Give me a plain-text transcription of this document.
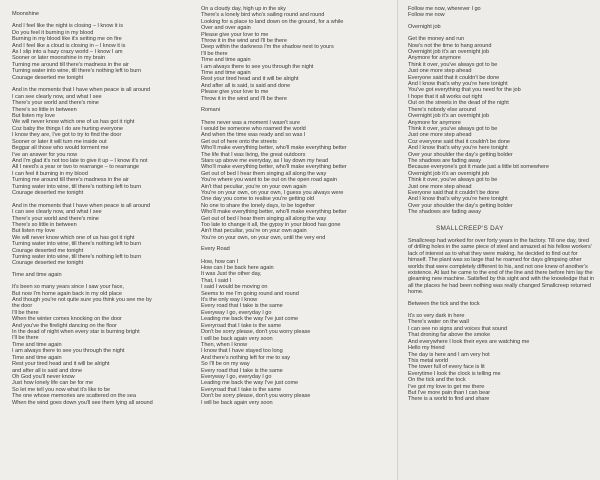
Moonshine
And I feel like the night is closing – I know it is
Do you feel it burning in my blood
Burning in my blood like it's setting me on fire
And I feel like a cloud is closing in – I know it is
As I slip into a hazy crazy world – I know I am
Sooner or later moonshine in my brain
Turning me around till there's madness in the air
Turning water into wine, till there's nothing left to burn
Courage deserted me tonight
And in the moments that I have when peace is all around
I can see clearly now, and what I see
There's your world and there's mine
There's so little in between
But listen my love
We will never know which one of us has got it right
Coz baby the things I do are hurting everyone
I know they are, I've got to try to find the door
Sooner or later it will turn me inside out
Beggar all those who would torment me
I've an answer for you now
And I'm glad it's not too late to give it up – I know it's not
All I need's a year or two to rearrange – to rearrange
I can feel it burning in my blood
Turning me around till there's madness in the air
Turning water into wine, till there's nothing left to burn
Courage deserted me tonight
And in the moments that I have when peace is all around
I can see clearly now, and what I see
There's your world and there's mine
There's so little in between
But listen my love
We will never know which one of us has got it right
Turning water into wine, till there's nothing left to burn
Courage deserted me tonight
Turning water into wine, till there's nothing left to burn
Courage deserted me tonight
Time and time again
It's been so many years since I saw your face,
But now I'm home again back in my old place
And though you're not quite sure you think you see me by
the door
I'll be there
When the winter comes knocking on the door
And you've the firelight dancing on the floor
In the dead of night when every star is burning bright
I'll be there
Time and time again
I am always there to see you through the night
Time and time again
Rest your tired head and it will be alright
and after all is said and done
Oh God you'll never know
Just how lonely life can be for me
So let me tell you now what it's like to be
The one whose memories are scattered on the sea
When the wind goes down you'll see them lying all around
On a cloudy day, high up in the sky
There's a lonely bird who's sailing round and round
Looking for a place to land down on the ground, for a while
Over and over again
Please give your love to me
Throw it in the wind and I'll be there
Deep within the darkness I'm the shadow next to yours
I'll be there
Time and time again
I am always there to see you through the night
Time and time again
Rest your tired head and it will be alright
And after all is said, is said and done
Please give your love to me
Throw it in the wind and I'll be there
Romani
There never was a moment I wasn't sure
I would be someone who roamed the world
And when the time was ready and so was I
Get out of here onto the streets
Who'll make everything better, who'll make everything better
The life that I was living, the great outdoors
Stars up above me everyday, as I lay down my head
Who'll make everything better, who'll make everything better
Get out of bed I hear them singing all along the way
You're where you want to be out on the open road again
Ain't that peculiar, you're on your own again
You're on your own, on your own, I guess you always were
One day you come to realise you're getting old
No one to share the lonely days, to be together
Who'll make everything better, who'll make everything better
Get out of bed I hear them singing all along the way
Too late to change it all, the gypsy in your blood has gone
Ain't that peculiar, you're on your own again
You're on your own, on your own, until the very end
Every Road
How, how can I
How can I be back here again
It was Just the other day,
That, I said I
I said I would be moving on
Seems to me I'm going round and round
It's the only way I know
Every road that I take is the same
Everyway I go, everyday I go
Leading me back the way I've just come
Everyroad that I take is the same
Don't be sorry please, don't you worry please
I will be back again very soon
Then, when I know
I know that I have stayed too long
And there's nothing left for me to say
So I'll be on my way
Every road that I take is the same
Everyway I go, everyday I go
Leading me back the way I've just come
Everyroad that I take is the same
Don't be sorry please, don't you worry please
I will be back again very soon
Follow me now, wherever I go
Follow me now
Overnight job
Get the money and run
Now's not the time to hang around
Overnight job it's an overnight job
Anymore for anymore
Think it over, you've always got to be
Just one more step ahead
Everyone said that it couldn't be done
And I know that's why you're here tonight
You've got everything that you need for the job
I hope that it all works out right
Out on the streets in the dead of the night
There's nobody else around
Overnight job it's an overnight job
Anymore for anymore
Think it over, you've always got to be
Just one more step ahead
Coz everyone said that it couldn't be done
And I know that's why you're here tonight
Over your shoulder the day's getting bolder
The shadows are fading away
Because everyone's got it made just a little bit somewhere
Overnight job it's an overnight job
Think it over, you've always got to be
Just one more step ahead
Everyone said that it couldn't be done
And I know that's why you're here tonight
Over your shoulder the day's getting bolder
The shadows are fading away
SMALLCREEP'S DAY
Smallcreep had worked for over forty years in the factory. Till one day, tired of drilling holes in the same piece of steel and amazed at his fellow workers' lack of interest as to what they were making, he decided to find out for himself. The plant was so large that he roamed for days glimpsing other worlds that were completely different to his, and not one knew of another's existence. At last he came to the end of the line and there before him lay the gleaming new machine. Satisfied by this sight and with the knowledge that in all the places he had been nothing was really changed Smallcreep returned home.
Between the tick and the tock
It's so very dark in here
There's water on the wall
I can see no signs and voices that sound
That droning far above the smoke
And everywhere I look their eyes are watching me
Hello my friend
The day is here and I am very hot
This metal world
The tower full of every face is lit
Everytime I look the clock is telling me
On the tick and the tock
I've got my love to get me there
But I've more pain than I can bear
There is a world to find and share
